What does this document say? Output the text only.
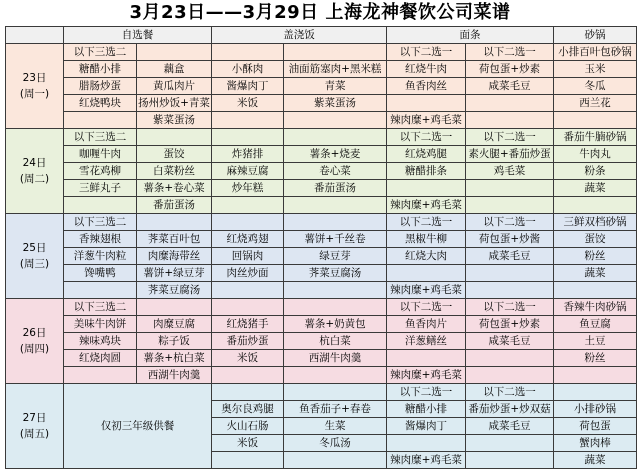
3月23日——3月29日 上海龙神餐饮公司菜谱
	自选餐		盖浇饭		面条		砂锅

23日
(周一)	以下三选二				以下二选一	以下二选一	小排百叶包砂锅
	糖醋小排	藕盒	小酥肉	油面筋塞肉+黑米糕	红烧牛肉	荷包蛋+炒素	玉米
	腊肠炒蛋	黄瓜肉片	酱爆肉丁	青菜	鱼香肉丝	咸菜毛豆	冬瓜
	红烧鸭块	扬州炒饭+青菜	米饭	紫菜蛋汤			西兰花
		紫菜蛋汤			辣肉糜+鸡毛菜		

24日
(周二)	以下三选二				以下二选一	以下二选一	番茄牛腩砂锅
	咖喱牛肉	蛋饺	炸猪排	薯条+烧麦	红烧鸡腿	素火腿+番茄炒蛋	牛肉丸
	雪花鸡柳	白菜粉丝	麻辣豆腐	卷心菜	糖醋排条	鸡毛菜	粉条
	三鲜丸子	薯条+卷心菜	炒年糕	番茄蛋汤			蔬菜
		番茄蛋汤			辣肉糜+鸡毛菜		

25日
(周三)	以下三选二				以下二选一	以下二选一	三鲜双档砂锅
	香辣翅根	荠菜百叶包	红烧鸡翅	薯饼+千丝卷	黑椒牛柳	荷包蛋+炒酱	蛋饺
	洋葱牛肉粒	肉糜海带丝	回锅肉	绿豆芽	红烧大肉	咸菜毛豆	粉丝
	馋嘴鸭	薯饼+绿豆芽	肉丝炒面	荠菜豆腐汤			蔬菜
		荠菜豆腐汤			辣肉糜+鸡毛菜		

26日
(周四)	以下三选二				以下二选一	以下二选一	香辣牛肉砂锅
	美味牛肉饼	肉糜豆腐	红烧猪手	薯条+奶黄包	鱼香肉片	荷包蛋+炒素	鱼豆腐
	辣味鸡块	粽子饭	番茄炒蛋	杭白菜	洋葱鳝丝	咸菜毛豆	土豆
	红烧肉圆	薯条+杭白菜	米饭	西湖牛肉羹			粉丝
		西湖牛肉羹			辣肉糜+鸡毛菜		

27日
(周五)	仅初三年级供餐				以下二选一	以下二选一	
			奥尔良鸡腿	鱼香茄子+春卷	糖醋小排	番茄炒蛋+炒双菇	小排砂锅
			火山石肠	生菜	酱爆肉丁	咸菜毛豆	荷包蛋
			米饭	冬瓜汤			蟹肉棒
					辣肉糜+鸡毛菜		蔬菜
